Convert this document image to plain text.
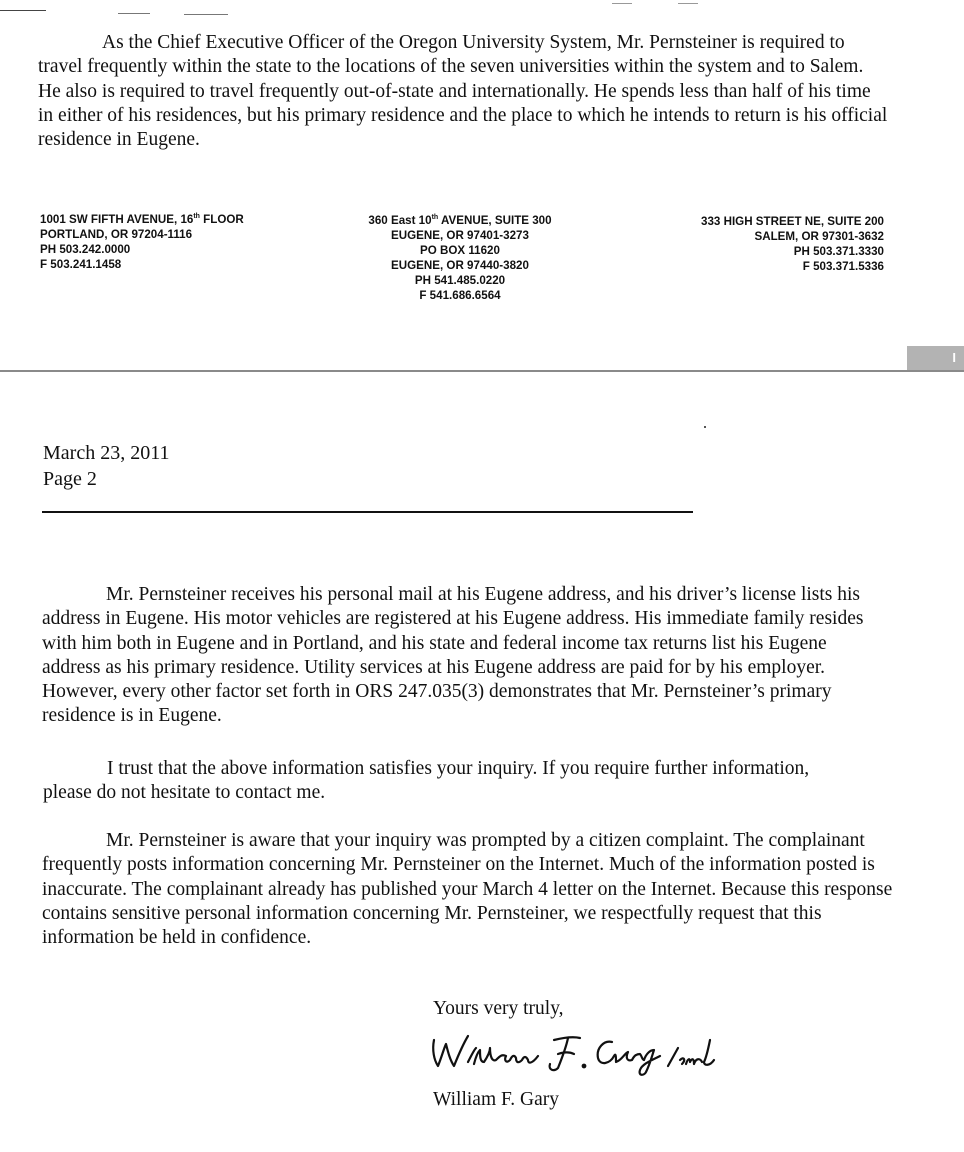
As the Chief Executive Officer of the Oregon University System, Mr. Pernsteiner is required to travel frequently within the state to the locations of the seven universities within the system and to Salem. He also is required to travel frequently out-of-state and internationally. He spends less than half of his time in either of his residences, but his primary residence and the place to which he intends to return is his official residence in Eugene.

1001 SW FIFTH AVENUE, 16th FLOOR
PORTLAND, OR 97204-1116
PH 503.242.0000
F 503.241.1458
360 East 10th AVENUE, SUITE 300
EUGENE, OR 97401-3273
PO BOX 11620
EUGENE, OR 97440-3820
PH 541.485.0220
F 541.686.6564
333 HIGH STREET NE, SUITE 200
SALEM, OR 97301-3632
PH 503.371.3330
F 503.371.5336
I
March 23, 2011
Page 2

Mr. Pernsteiner receives his personal mail at his Eugene address, and his driver’s license lists his address in Eugene. His motor vehicles are registered at his Eugene address. His immediate family resides with him both in Eugene and in Portland, and his state and federal income tax returns list his Eugene address as his primary residence. Utility services at his Eugene address are paid for by his employer. However, every other factor set forth in ORS 247.035(3) demonstrates that Mr. Pernsteiner’s primary residence is in Eugene.

I trust that the above information satisfies your inquiry. If you require further information, please do not hesitate to contact me.

Mr. Pernsteiner is aware that your inquiry was prompted by a citizen complaint. The complainant frequently posts information concerning Mr. Pernsteiner on the Internet. Much of the information posted is inaccurate. The complainant already has published your March 4 letter on the Internet. Because this response contains sensitive personal information concerning Mr. Pernsteiner, we respectfully request that this information be held in confidence.

Yours very truly,
William F. Gary
